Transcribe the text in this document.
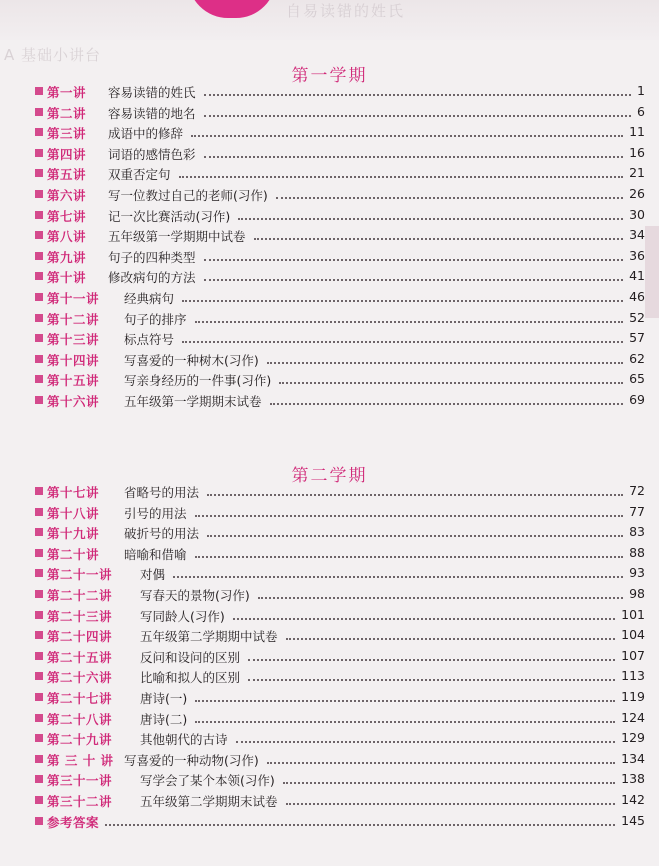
自易读错的姓氏
A 基础小讲台
第一学期
第一讲 容易读错的姓氏	1
第二讲 容易读错的地名	6
第三讲 成语中的修辞	11
第四讲 词语的感情色彩	16
第五讲 双重否定句	21
第六讲 写一位教过自己的老师(习作)	26
第七讲 记一次比赛活动(习作)	30
第八讲 五年级第一学期期中试卷	34
第九讲 句子的四种类型	36
第十讲 修改病句的方法	41
第十一讲 经典病句	46
第十二讲 句子的排序	52
第十三讲 标点符号	57
第十四讲 写喜爱的一种树木(习作)	62
第十五讲 写亲身经历的一件事(习作)	65
第十六讲 五年级第一学期期末试卷	69
第二学期
第十七讲 省略号的用法	72
第十八讲 引号的用法	77
第十九讲 破折号的用法	83
第二十讲 暗喻和借喻	88
第二十一讲 对偶	93
第二十二讲 写春天的景物(习作)	98
第二十三讲 写同龄人(习作)	101
第二十四讲 五年级第二学期期中试卷	104
第二十五讲 反问和设问的区别	107
第二十六讲 比喻和拟人的区别	113
第二十七讲 唐诗(一)	119
第二十八讲 唐诗(二)	124
第二十九讲 其他朝代的古诗	129
第 三 十 讲 写喜爱的一种动物(习作)	134
第三十一讲 写学会了某个本领(习作)	138
第三十二讲 五年级第二学期期末试卷	142
参考答案	145
